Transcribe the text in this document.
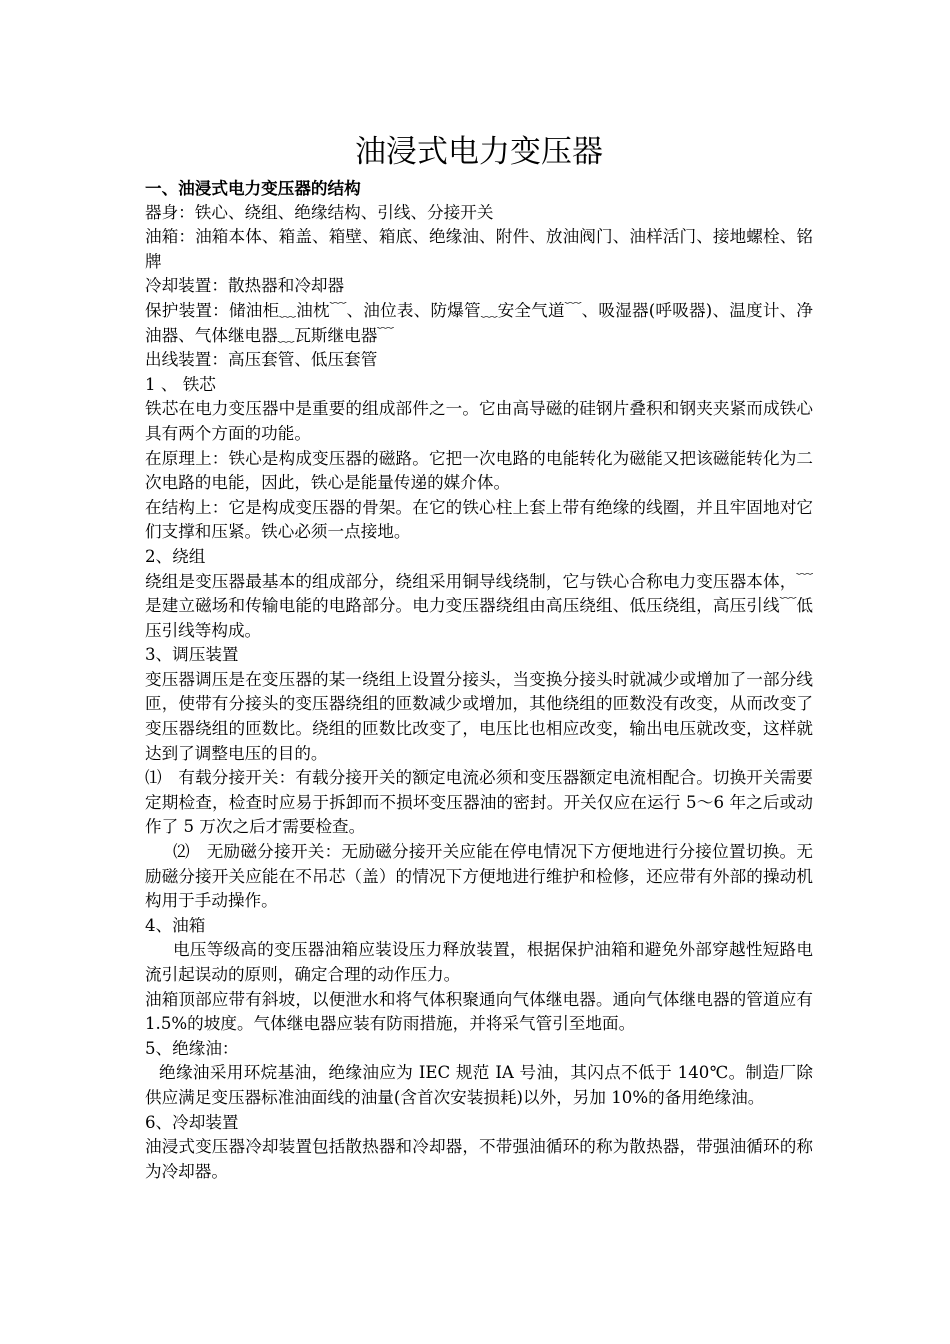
油浸式电力变压器

一、油浸式电力变压器的结构

器身：铁心、绕组、绝缘结构、引线、分接开关

油箱：油箱本体、箱盖、箱壁、箱底、绝缘油、附件、放油阀门、油样活门、接地螺栓、铭牌

冷却装置：散热器和冷却器

保护装置：储油柜﹏油枕﹋、油位表、防爆管﹏安全气道﹋、吸湿器(呼吸器)、温度计、净油器、气体继电器﹏瓦斯继电器﹋

出线装置：高压套管、低压套管

1 、 铁芯

铁芯在电力变压器中是重要的组成部件之一。它由高导磁的硅钢片叠积和钢夹夹紧而成铁心具有两个方面的功能。

在原理上：铁心是构成变压器的磁路。它把一次电路的电能转化为磁能又把该磁能转化为二次电路的电能，因此，铁心是能量传递的媒介体。

在结构上：它是构成变压器的骨架。在它的铁心柱上套上带有绝缘的线圈，并且牢固地对它们支撑和压紧。铁心必须一点接地。

2、绕组

绕组是变压器最基本的组成部分，绕组采用铜导线绕制，它与铁心合称电力变压器本体，﹋是建立磁场和传输电能的电路部分。电力变压器绕组由高压绕组、低压绕组，高压引线﹋低压引线等构成。

3、调压装置

变压器调压是在变压器的某一绕组上设置分接头，当变换分接头时就减少或增加了一部分线匝，使带有分接头的变压器绕组的匝数减少或增加，其他绕组的匝数没有改变，从而改变了变压器绕组的匝数比。绕组的匝数比改变了，电压比也相应改变，输出电压就改变，这样就达到了调整电压的目的。

⑴　有载分接开关：有载分接开关的额定电流必须和变压器额定电流相配合。切换开关需要定期检查，检查时应易于拆卸而不损坏变压器油的密封。开关仅应在运行 5～6 年之后或动作了 5 万次之后才需要检查。

⑵　无励磁分接开关：无励磁分接开关应能在停电情况下方便地进行分接位置切换。无励磁分接开关应能在不吊芯（盖）的情况下方便地进行维护和检修，还应带有外部的操动机构用于手动操作。

4、油箱

电压等级高的变压器油箱应装设压力释放装置，根据保护油箱和避免外部穿越性短路电流引起误动的原则，确定合理的动作压力。

油箱顶部应带有斜坡，以便泄水和将气体积聚通向气体继电器。通向气体继电器的管道应有 1.5%的坡度。气体继电器应装有防雨措施，并将采气管引至地面。

5、绝缘油：

绝缘油采用环烷基油，绝缘油应为 IEC 规范 IA 号油，其闪点不低于 140℃。制造厂除供应满足变压器标准油面线的油量(含首次安装损耗)以外，另加 10%的备用绝缘油。

6、冷却装置

油浸式变压器冷却装置包括散热器和冷却器，不带强油循环的称为散热器，带强油循环的称为冷却器。
